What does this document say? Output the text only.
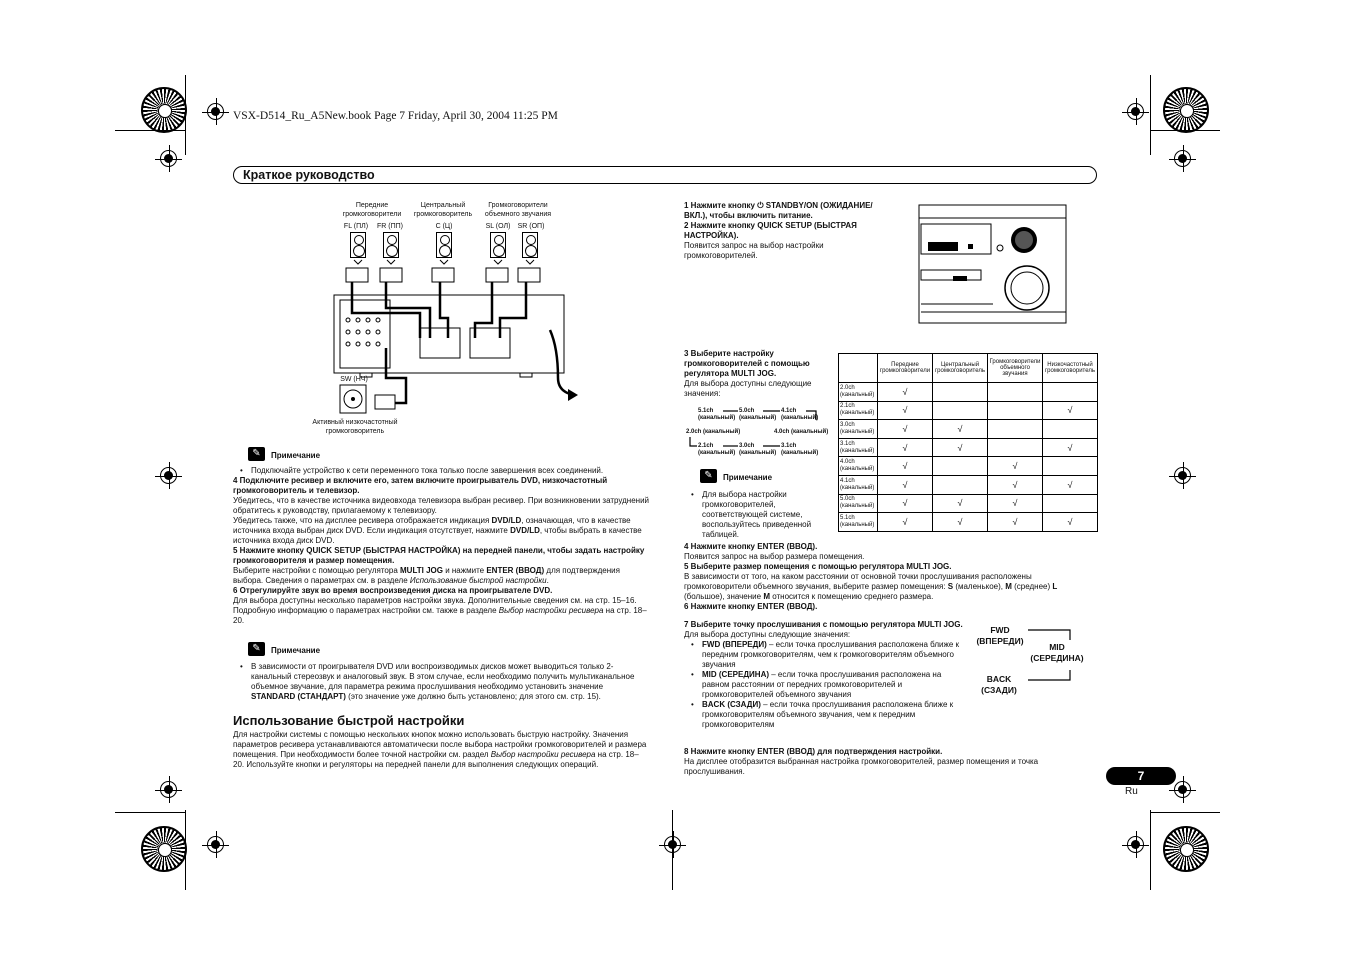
VSX-D514_Ru_A5New.book Page 7 Friday, April 30, 2004 11:25 PM
Краткое руководство
Передние громкоговорители
Центральный громкоговоритель
Громкоговорители объемного звучания
FL (ПЛ)	FR (ПП)	C (Ц)	SL (ОЛ)	SR (ОП)
SW (НЧ)
Активный низкочастотный громкоговоритель
✎ Примечание

• Подключайте устройство к сети переменного тока только после завершения всех соединений.

4 Подключите ресивер и включите его, затем включите проигрыватель DVD, низкочастотный громкоговоритель и телевизор.

Убедитесь, что в качестве источника видеовхода телевизора выбран ресивер. При возникновении затруднений обратитесь к руководству, прилагаемому к телевизору.

Убедитесь также, что на дисплее ресивера отображается индикация DVD/LD, означающая, что в качестве источника входа выбран диск DVD. Если индикация отсутствует, нажмите DVD/LD, чтобы выбрать в качестве источника входа диск DVD.

5 Нажмите кнопку QUICK SETUP (БЫСТРАЯ НАСТРОЙКА) на передней панели, чтобы задать настройку громкоговорителя и размер помещения.

Выберите настройки с помощью регулятора MULTI JOG и нажмите ENTER (ВВОД) для подтверждения выбора. Сведения о параметрах см. в разделе Использование быстрой настройки.

6 Отрегулируйте звук во время воспроизведения диска на проигрывателе DVD.

Для выбора доступны несколько параметров настройки звука. Дополнительные сведения см. на стр. 15–16. Подробную информацию о параметрах настройки см. также в разделе Выбор настройки ресивера на стр. 18–20.

✎ Примечание

• В зависимости от проигрывателя DVD или воспроизводимых дисков может выводиться только 2-канальный стереозвук и аналоговый звук. В этом случае, если необходимо получить мультиканальное объемное звучание, для параметра режима прослушивания необходимо установить значение STANDARD (СТАНДАРТ) (это значение уже должно быть установлено; для этого см. стр. 15).

Использование быстрой настройки

Для настройки системы с помощью нескольких кнопок можно использовать быструю настройку. Значения параметров ресивера устанавливаются автоматически после выбора настройки громкоговорителей и размера помещения. При необходимости более точной настройки см. раздел Выбор настройки ресивера на стр. 18–20. Используйте кнопки и регуляторы на передней панели для выполнения следующих операций.

1 Нажмите кнопку ⏻ STANDBY/ON (ОЖИДАНИЕ/ВКЛ.), чтобы включить питание.

2 Нажмите кнопку QUICK SETUP (БЫСТРАЯ НАСТРОЙКА).

Появится запрос на выбор настройки громкоговорителей.

3 Выберите настройку громкоговорителей с помощью регулятора MULTI JOG.

Для выбора доступны следующие значения:

5.1ch (канальный)
5.0ch (канальный)
4.1ch (канальный)
2.0ch (канальный)	4.0ch (канальный)
2.1ch (канальный)
3.0ch (канальный)
3.1ch (канальный)
✎ Примечание

• Для выбора настройки громкоговорителей, соответствующей системе, воспользуйтесь приведенной таблицей.

	Передние громкоговорители	Центральный громкоговоритель	Громкоговорители объемного звучания	Низкочастотный громкоговоритель
2.0ch (канальный)	√			
2.1ch (канальный)	√			√
3.0ch (канальный)	√	√		
3.1ch (канальный)	√	√		√
4.0ch (канальный)	√		√	
4.1ch (канальный)	√		√	√
5.0ch (канальный)	√	√	√	
5.1ch (канальный)	√	√	√	√

4 Нажмите кнопку ENTER (ВВОД).

Появится запрос на выбор размера помещения.

5 Выберите размер помещения с помощью регулятора MULTI JOG.

В зависимости от того, на каком расстоянии от основной точки прослушивания расположены громкоговорители объемного звучания, выберите размер помещения: S (маленькое), M (среднее) L (большое), значение M относится к помещению среднего размера.

6 Нажмите кнопку ENTER (ВВОД).

7 Выберите точку прослушивания с помощью регулятора MULTI JOG.

Для выбора доступны следующие значения:

• FWD (ВПЕРЕДИ) – если точка прослушивания расположена ближе к передним громкоговорителям, чем к громкоговорителям объемного звучания

• MID (СЕРЕДИНА) – если точка прослушивания расположена на равном расстоянии от передних громкоговорителей и громкоговорителей объемного звучания

• BACK (СЗАДИ) – если точка прослушивания расположена ближе к громкоговорителям объемного звучания, чем к передним громкоговорителям

FWD (ВПЕРЕДИ)
MID (СЕРЕДИНА)
BACK (СЗАДИ)

8 Нажмите кнопку ENTER (ВВОД) для подтверждения настройки.

На дисплее отобразится выбранная настройка громкоговорителей, размер помещения и точка прослушивания.	7
Ru
